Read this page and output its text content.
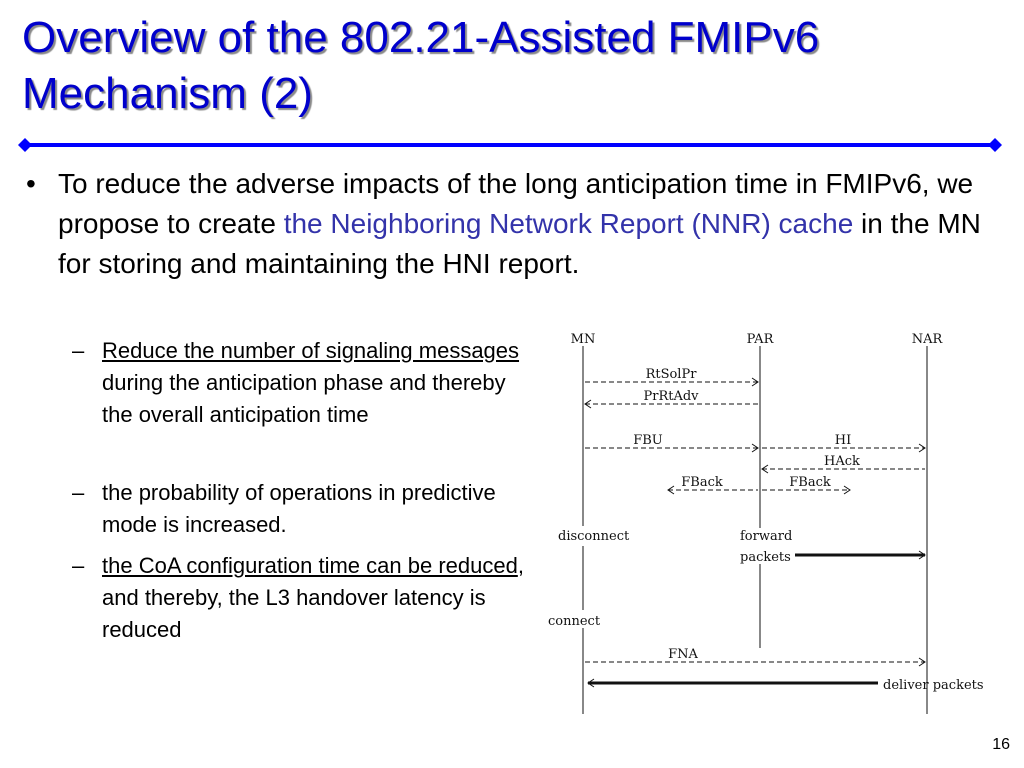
Overview of the 802.21-Assisted FMIPv6 Mechanism (2)
• To reduce the adverse impacts of the long anticipation time in FMIPv6, we propose to create the Neighboring Network Report (NNR) cache in the MN for storing and maintaining the HNI report.
– Reduce the number of signaling messages during the anticipation phase and thereby the overall anticipation time
– the probability of operations in predictive mode is increased.
– the CoA configuration time can be reduced, and thereby, the L3 handover latency is reduced
MN	PAR	NAR
RtSolPr
PrRtAdv
FBU	HI
HAck
FBack	FBack
FNA
disconnect	forward
packets
connect
deliver packets
16
